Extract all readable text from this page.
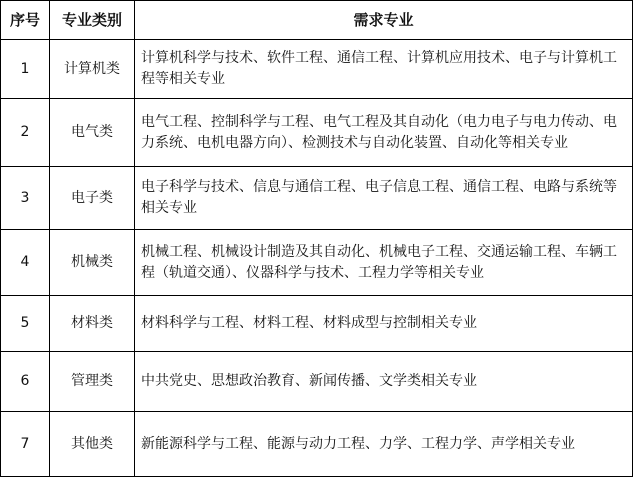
序号	专业类别	需求专业
1	计算机类	计算机科学与技术、软件工程、通信工程、计算机应用技术、电子与计算机工程等相关专业
2	电气类	电气工程、控制科学与工程、电气工程及其自动化（电力电子与电力传动、电力系统、电机电器方向）、检测技术与自动化装置、自动化等相关专业
3	电子类	电子科学与技术、信息与通信工程、电子信息工程、通信工程、电路与系统等相关专业
4	机械类	机械工程、机械设计制造及其自动化、机械电子工程、交通运输工程、车辆工程（轨道交通）、仪器科学与技术、工程力学等相关专业
5	材料类	材料科学与工程、材料工程、材料成型与控制相关专业
6	管理类	中共党史、思想政治教育、新闻传播、文学类相关专业
7	其他类	新能源科学与工程、能源与动力工程、力学、工程力学、声学相关专业
